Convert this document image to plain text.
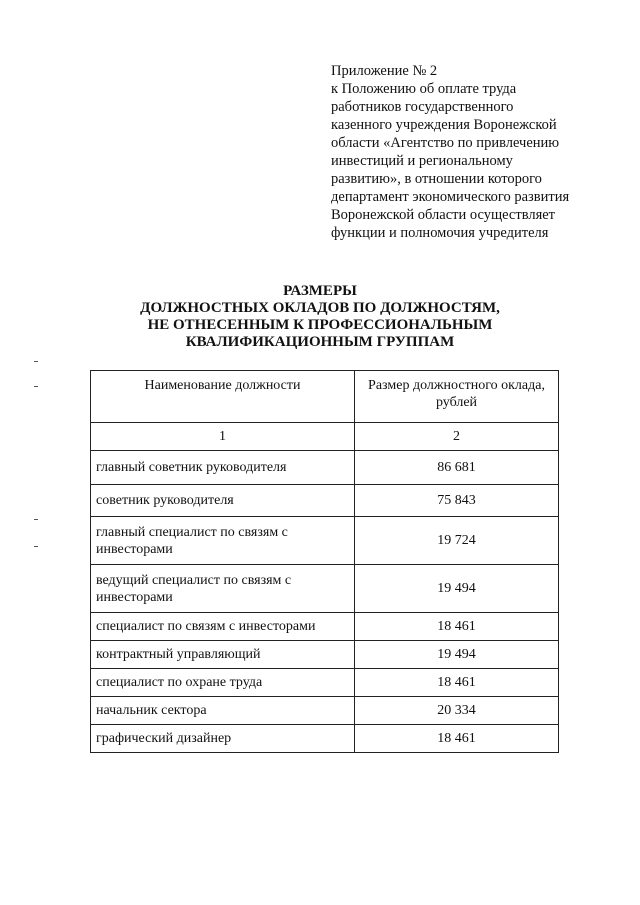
Приложение № 2
к Положению об оплате труда
работников государственного
казенного учреждения Воронежской
области «Агентство по привлечению
инвестиций и региональному
развитию», в отношении которого
департамент экономического развития
Воронежской области осуществляет
функции и полномочия учредителя
РАЗМЕРЫ
ДОЛЖНОСТНЫХ ОКЛАДОВ ПО ДОЛЖНОСТЯМ,
НЕ ОТНЕСЕННЫМ К ПРОФЕССИОНАЛЬНЫМ
КВАЛИФИКАЦИОННЫМ ГРУППАМ
Наименование должности	Размер должностного оклада,
рублей
1	2
главный советник руководителя	86 681
советник руководителя	75 843
главный специалист по связям с инвесторами	19 724
ведущий специалист по связям с инвесторами	19 494
специалист по связям с инвесторами	18 461
контрактный управляющий	19 494
специалист по охране труда	18 461
начальник сектора	20 334
графический дизайнер	18 461
